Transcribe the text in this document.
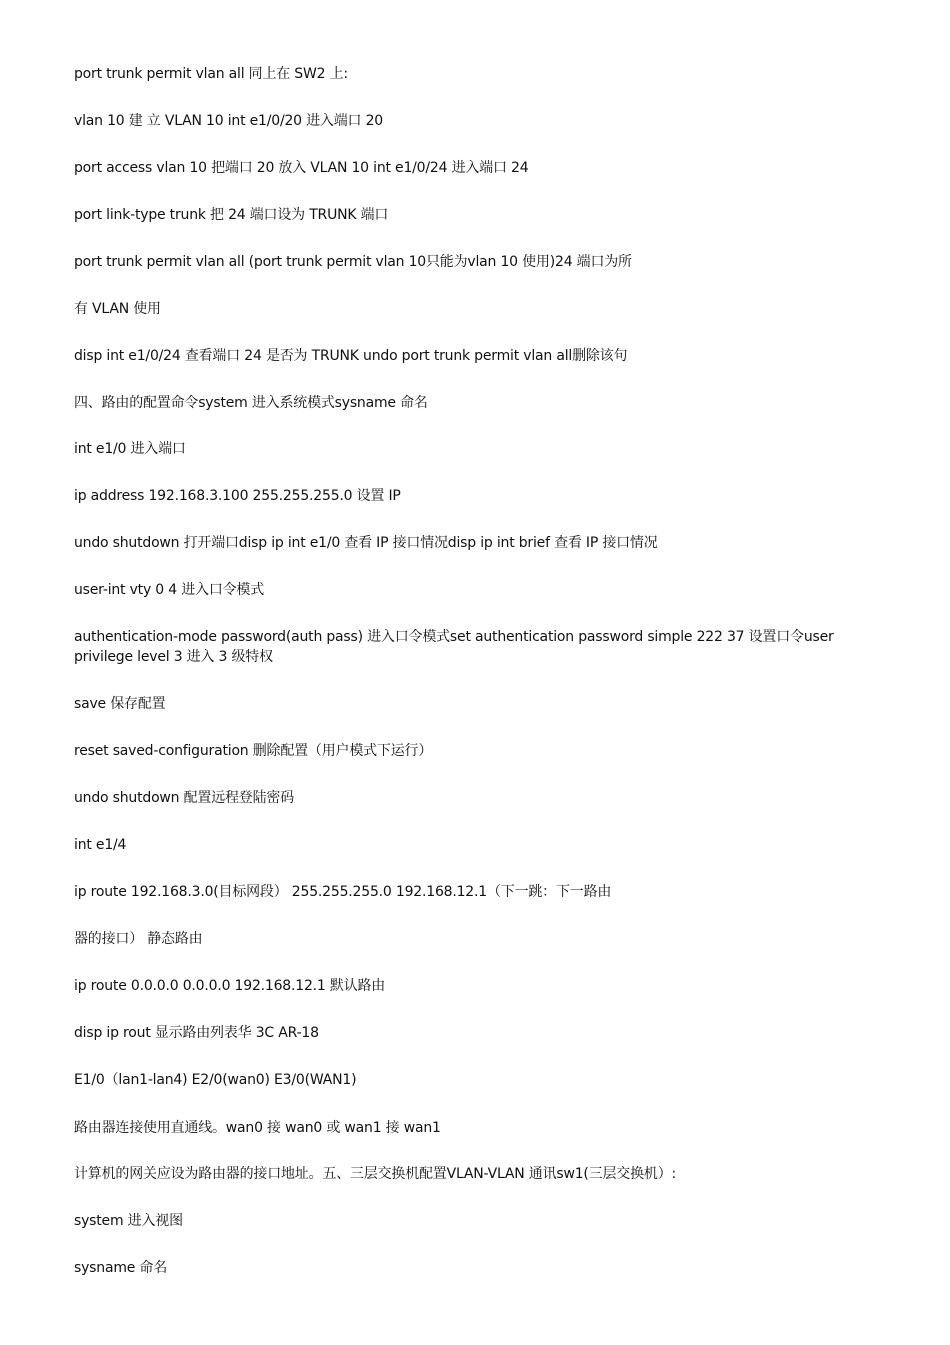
port trunk permit vlan all 同上在 SW2 上:
vlan 10 建 立 VLAN 10 int e1/0/20 进入端口 20
port access vlan 10 把端口 20 放入 VLAN 10 int e1/0/24 进入端口 24
port link-type trunk 把 24 端口设为 TRUNK 端口
port trunk permit vlan all (port trunk permit vlan 10只能为vlan 10 使用)24 端口为所
有 VLAN 使用
disp int e1/0/24 查看端口 24 是否为 TRUNK undo port trunk permit vlan all删除该句
四、路由的配置命令system 进入系统模式sysname 命名
int e1/0 进入端口
ip address 192.168.3.100 255.255.255.0 设置 IP
undo shutdown 打开端口disp ip int e1/0 查看 IP 接口情况disp ip int brief 查看 IP 接口情况
user-int vty 0 4 进入口令模式
authentication-mode password(auth pass) 进入口令模式set authentication password simple 222 37 设置口令user privilege level 3 进入 3 级特权
save 保存配置
reset saved-configuration 删除配置（用户模式下运行）
undo shutdown 配置远程登陆密码
int e1/4
ip route 192.168.3.0(目标网段） 255.255.255.0 192.168.12.1（下一跳：下一路由
器的接口） 静态路由
ip route 0.0.0.0 0.0.0.0 192.168.12.1 默认路由
disp ip rout 显示路由列表华 3C AR-18
E1/0（lan1-lan4) E2/0(wan0) E3/0(WAN1)
路由器连接使用直通线。wan0 接 wan0 或 wan1 接 wan1
计算机的网关应设为路由器的接口地址。五、三层交换机配置VLAN-VLAN 通讯sw1(三层交换机）:
system 进入视图
sysname 命名
